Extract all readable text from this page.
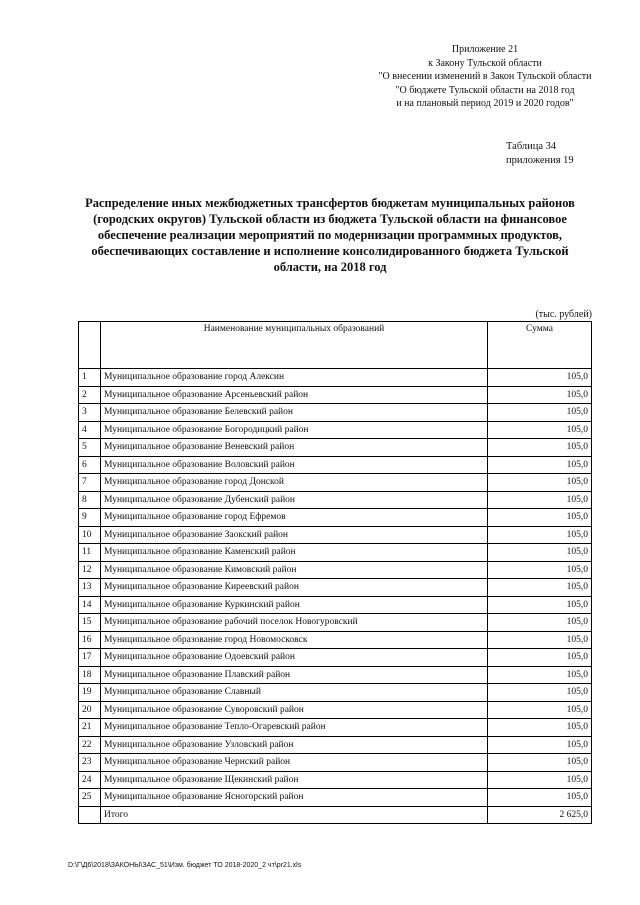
Приложение 21
к Закону Тульской области
"О внесении изменений в Закон Тульской области
"О бюджете Тульской области на 2018 год
и на плановый период 2019 и 2020 годов"
Таблица 34
приложения 19
Распределение иных межбюджетных трансфертов бюджетам муниципальных районов (городских округов) Тульской области из бюджета Тульской области на финансовое обеспечение реализации мероприятий по модернизации программных продуктов, обеспечивающих составление и исполнение консолидированного бюджета Тульской области, на 2018 год
(тыс. рублей)
	Наименование муниципальных образований	Сумма
1	Муниципальное образование город Алексин	105,0
2	Муниципальное образование Арсеньевский район	105,0
3	Муниципальное образование Белевский район	105,0
4	Муниципальное образование Богородицкий район	105,0
5	Муниципальное образование Веневский район	105,0
6	Муниципальное образование Воловский район	105,0
7	Муниципальное образование город Донской	105,0
8	Муниципальное образование Дубенский район	105,0
9	Муниципальное образование город Ефремов	105,0
10	Муниципальное образование Заокский район	105,0
11	Муниципальное образование Каменский район	105,0
12	Муниципальное образование Кимовский район	105,0
13	Муниципальное образование Киреевский район	105,0
14	Муниципальное образование Куркинский район	105,0
15	Муниципальное образование рабочий поселок Новогуровский	105,0
16	Муниципальное образование город Новомосковск	105,0
17	Муниципальное образование Одоевский район	105,0
18	Муниципальное образование Плавский район	105,0
19	Муниципальное образование Славный	105,0
20	Муниципальное образование Суворовский район	105,0
21	Муниципальное образование Тепло-Огаревский район	105,0
22	Муниципальное образование Узловский район	105,0
23	Муниципальное образование Чернский район	105,0
24	Муниципальное образование Щекинский район	105,0
25	Муниципальное образование Ясногорский район	105,0
	Итого	2 625,0
D:\Г\Д6\2018\ЗАКОНЫ\ЗАС_51\Изм. бюджет ТО 2018-2020_2 чт\pr21.xls
